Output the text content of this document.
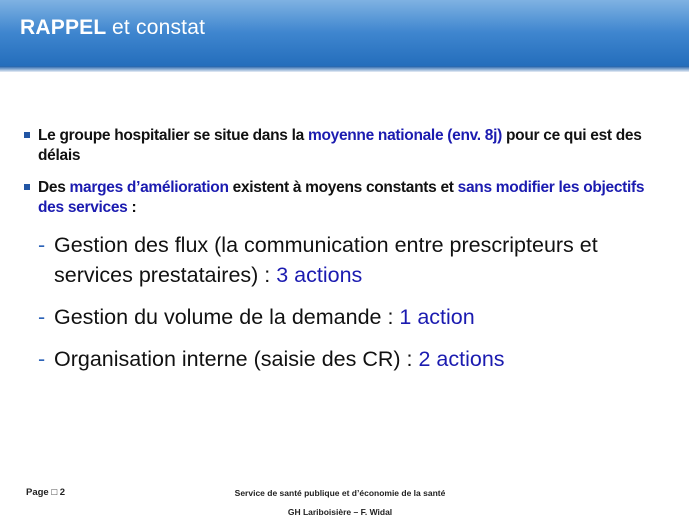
RAPPEL et constat
Le groupe hospitalier se situe dans la moyenne nationale (env. 8j) pour ce qui est des délais
Des marges d’amélioration existent à moyens constants et sans modifier les objectifs des services :
- Gestion des flux (la communication entre prescripteurs et services prestataires) : 3 actions
- Gestion du volume de la demande : 1 action
- Organisation interne (saisie des CR) : 2 actions
Page □ 2	Service de santé publique et d’économie de la santé
GH Lariboisière – F. Widal
